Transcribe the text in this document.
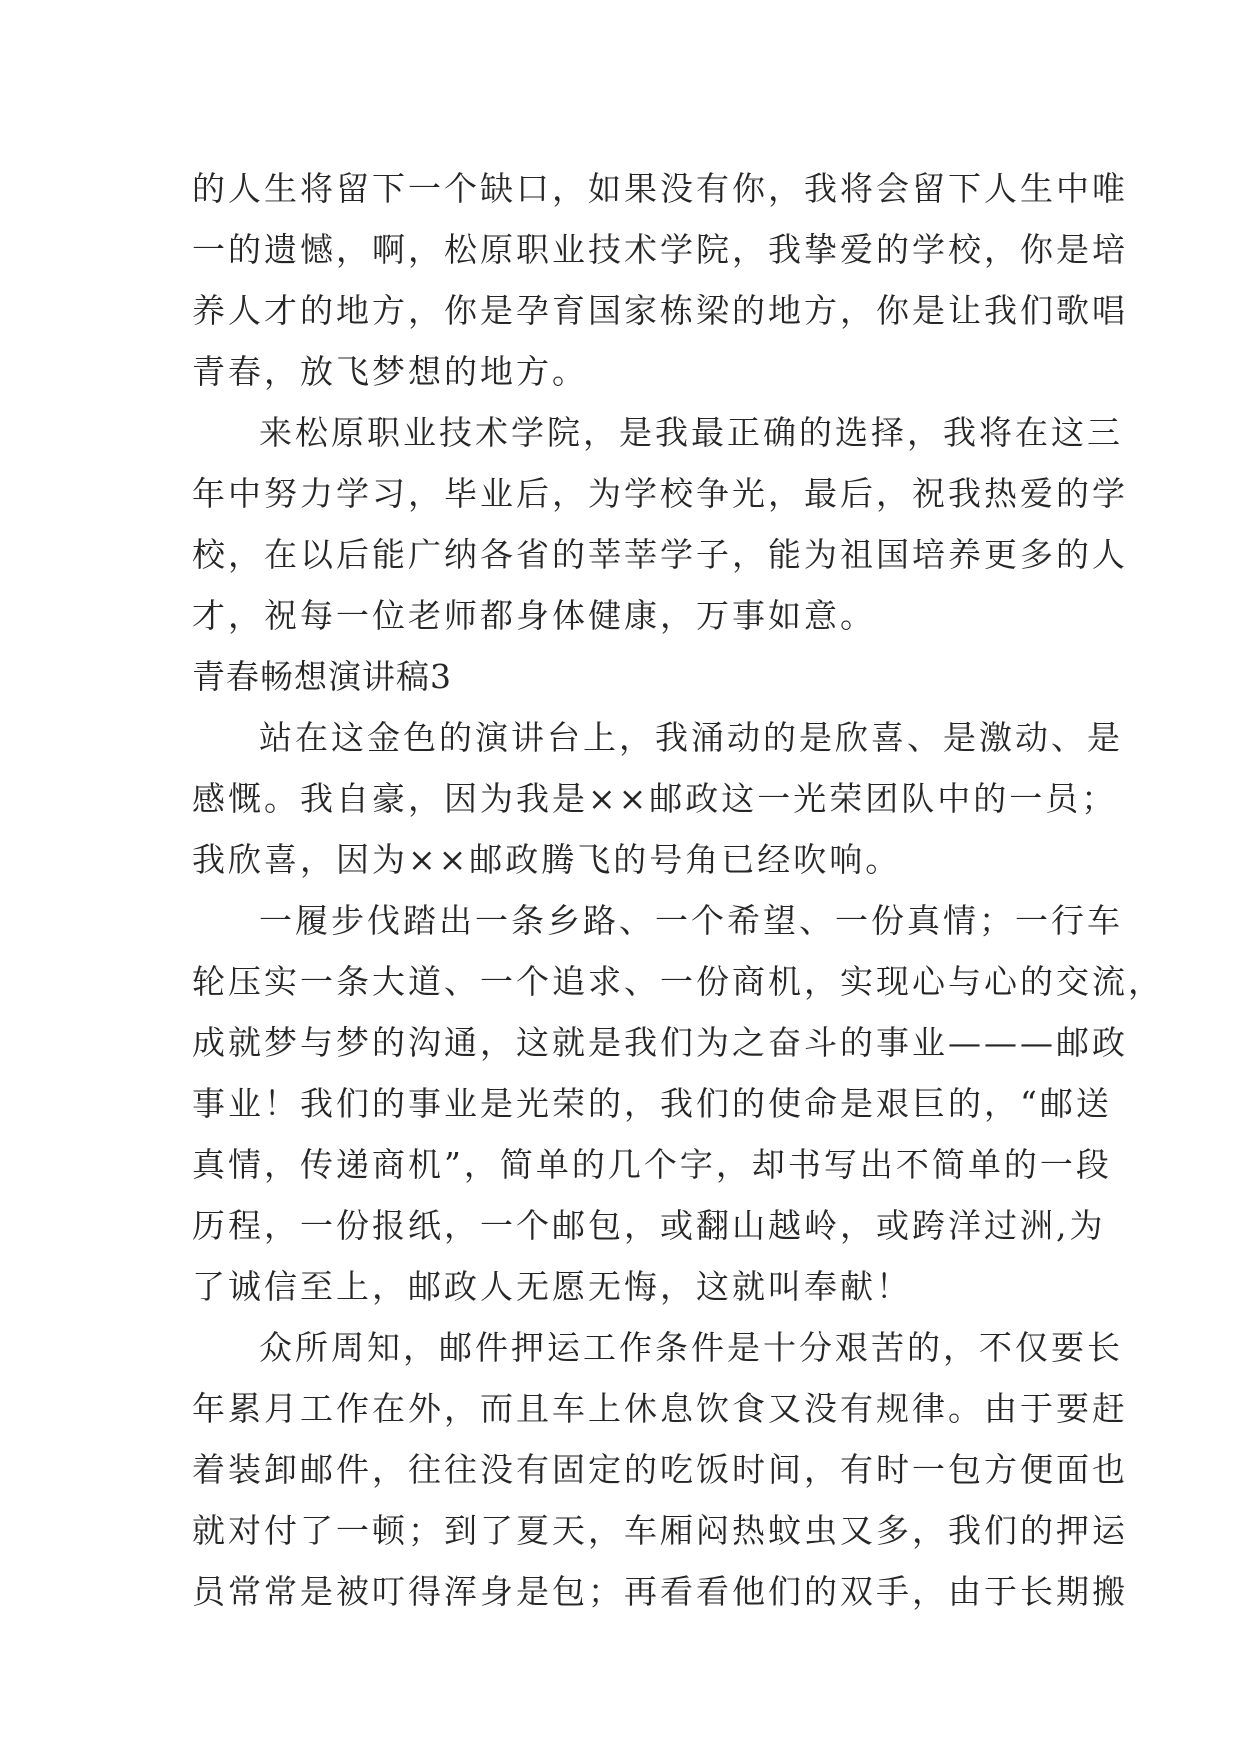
的人生将留下一个缺口，如果没有你，我将会留下人生中唯
一的遗憾，啊，松原职业技术学院，我挚爱的学校，你是培
养人才的地方，你是孕育国家栋梁的地方，你是让我们歌唱
青春，放飞梦想的地方。
来松原职业技术学院，是我最正确的选择，我将在这三
年中努力学习，毕业后，为学校争光，最后，祝我热爱的学
校，在以后能广纳各省的莘莘学子，能为祖国培养更多的人
才，祝每一位老师都身体健康，万事如意。
青春畅想演讲稿3
站在这金色的演讲台上，我涌动的是欣喜、是激动、是
感慨。我自豪，因为我是××邮政这一光荣团队中的一员；
我欣喜，因为××邮政腾飞的号角已经吹响。
一履步伐踏出一条乡路、一个希望、一份真情；一行车
轮压实一条大道、一个追求、一份商机，实现心与心的交流，
成就梦与梦的沟通，这就是我们为之奋斗的事业———邮政
事业！我们的事业是光荣的，我们的使命是艰巨的，“邮送
真情，传递商机”，简单的几个字，却书写出不简单的一段
历程，一份报纸，一个邮包，或翻山越岭，或跨洋过洲,为
了诚信至上，邮政人无愿无悔，这就叫奉献！
众所周知，邮件押运工作条件是十分艰苦的，不仅要长
年累月工作在外，而且车上休息饮食又没有规律。由于要赶
着装卸邮件，往往没有固定的吃饭时间，有时一包方便面也
就对付了一顿；到了夏天，车厢闷热蚊虫又多，我们的押运
员常常是被叮得浑身是包；再看看他们的双手，由于长期搬
